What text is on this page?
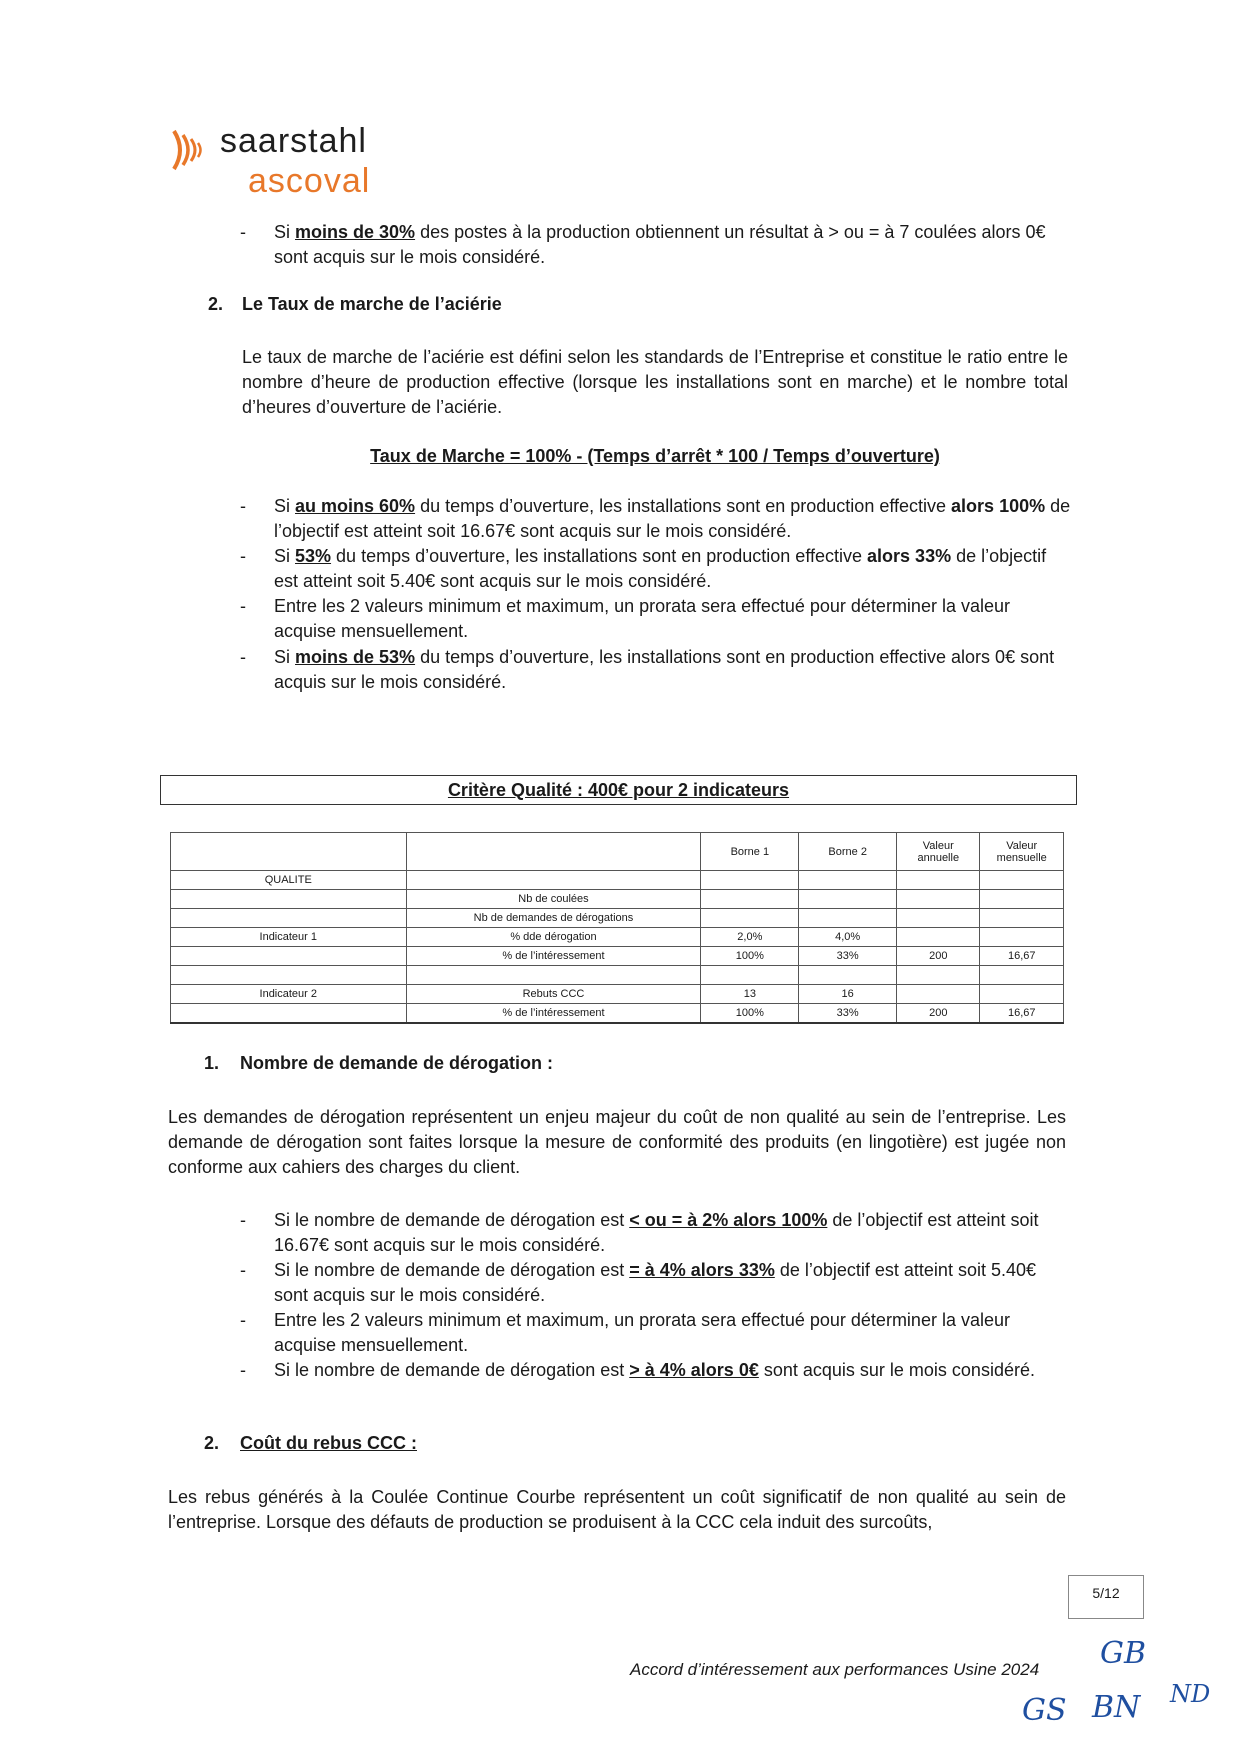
saarstahl
ascoval
- Si moins de 30% des postes à la production obtiennent un résultat à > ou = à 7 coulées alors 0€ sont acquis sur le mois considéré.
2. Le Taux de marche de l’aciérie
Le taux de marche de l’aciérie est défini selon les standards de l’Entreprise et constitue le ratio entre le nombre d’heure de production effective (lorsque les installations sont en marche) et le nombre total d’heures d’ouverture de l’aciérie.
Taux de Marche = 100% - (Temps d’arrêt * 100 / Temps d’ouverture)
- Si au moins 60% du temps d’ouverture, les installations sont en production effective alors 100% de l’objectif est atteint soit 16.67€ sont acquis sur le mois considéré.
- Si 53% du temps d’ouverture, les installations sont en production effective alors 33% de l’objectif est atteint soit 5.40€ sont acquis sur le mois considéré.
- Entre les 2 valeurs minimum et maximum, un prorata sera effectué pour déterminer la valeur acquise mensuellement.
- Si moins de 53% du temps d’ouverture, les installations sont en production effective alors 0€ sont acquis sur le mois considéré.
Critère Qualité : 400€ pour 2 indicateurs
		Borne 1	Borne 2	Valeur annuelle	Valeur mensuelle
QUALITE					
	Nb de coulées				
	Nb de demandes de dérogations				
Indicateur 1	% dde dérogation	2,0%	4,0%		
	% de l’intéressement	100%	33%	200	16,67

Indicateur 2	Rebuts CCC	13	16		
	% de l’intéressement	100%	33%	200	16,67
1. Nombre de demande de dérogation :
Les demandes de dérogation représentent un enjeu majeur du coût de non qualité au sein de l’entreprise. Les demande de dérogation sont faites lorsque la mesure de conformité des produits (en lingotière) est jugée non conforme aux cahiers des charges du client.
- Si le nombre de demande de dérogation est < ou = à 2% alors 100% de l’objectif est atteint soit 16.67€ sont acquis sur le mois considéré.
- Si le nombre de demande de dérogation est = à 4% alors 33% de l’objectif est atteint soit 5.40€ sont acquis sur le mois considéré.
- Entre les 2 valeurs minimum et maximum, un prorata sera effectué pour déterminer la valeur acquise mensuellement.
- Si le nombre de demande de dérogation est > à 4% alors 0€ sont acquis sur le mois considéré.
2. Coût du rebus CCC :
Les rebus générés à la Coulée Continue Courbe représentent un coût significatif de non qualité au sein de l’entreprise. Lorsque des défauts de production se produisent à la CCC cela induit des surcoûts,
5/12
Accord d’intéressement aux performances Usine 2024 GB
GS BN ND
